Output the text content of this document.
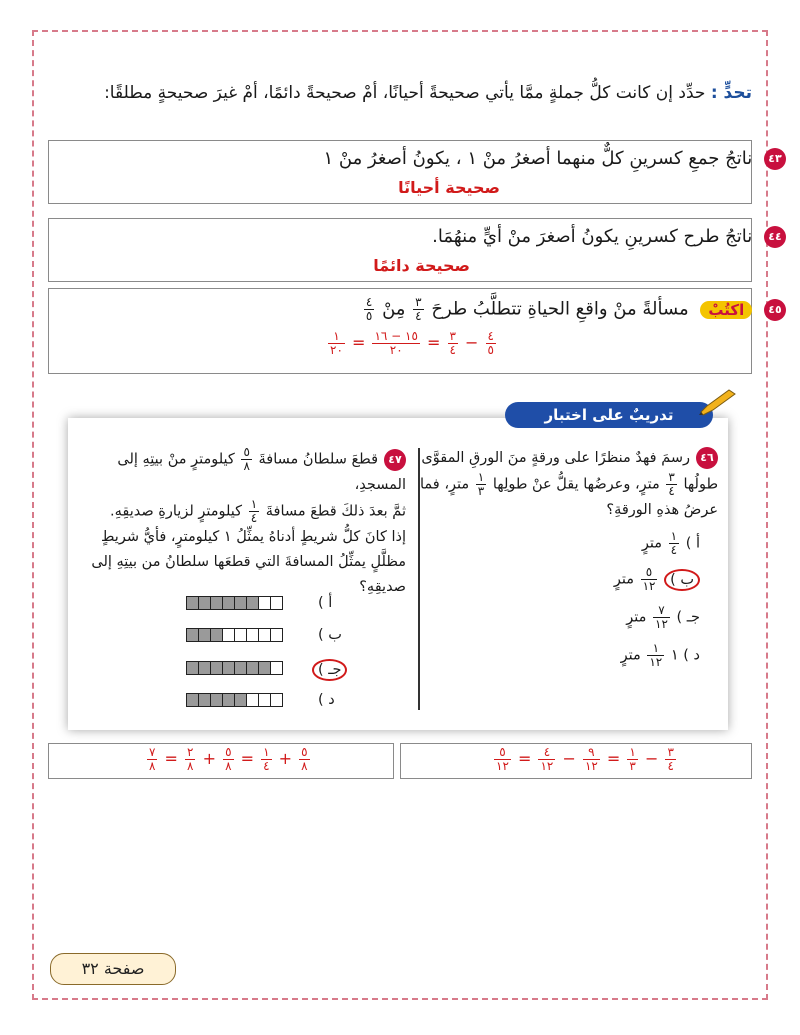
تحدٍّ : حدِّد إن كانت كلُّ جملةٍ ممَّا يأتي صحيحةً أحيانًا، أمْ صحيحةً دائمًا، أمْ غيرَ صحيحةٍ مطلقًا:
٤٣ ناتجُ جمعِ كسرينِ كلٌّ منهما أصغرُ منْ ١ ، يكونُ أصغرُ منْ ١
صحيحة أحيانًا
٤٤ ناتجُ طرح كسرينِ يكونُ أصغرَ منْ أيٍّ منهُمَا.
صحيحة دائمًا
٤٥ اكتُبْ مسألةً منْ واقعِ الحياةِ تتطلَّبُ طرحَ
٣
٤
مِنْ
٤
٥
١
٢٠ = ١٥ − ١٦
٢٠	= ٣
٤ − ٤
٥
تدريبٌ على اختبار
٤٦رسمَ فهدٌ منظرًا على ورقةٍ منَ الورقِ المقوَّى
طولُها
٣
٤
مترٍ، وعرضُها يقلُّ عنْ طولِها
١
٣
مترٍ، فما
عرضُ هذهِ الورقةِ؟
أ )
١
٤
مترٍ
ب )
٥
١٢
مترٍ
جـ )
٧
١٢
مترٍ
د ) ١
١
١٢
مترٍ
٤٧قطعَ سلطانُ مسافةَ
٥
٨
كيلومترٍ منْ بيتِهِ إلى المسجدِ،
ثمَّ بعدَ ذلكَ قطعَ مسافةَ
١
٤
كيلومترٍ لزيارةِ صديقِهِ.
إذا كانَ كلُّ شريطٍ أدناهُ يمثِّلُ ١ كيلومترٍ، فأيُّ شريطٍ
مظلَّلٍ يمثِّلُ المسافةَ التي قطعَها سلطانُ من بيتِهِ إلى
صديقِهِ؟
أ )
ب )
جـ )
د )
٧
٨ = ٢
٨ + ٥
٨ = ١
٤ + ٥
٨
٥
١٢ = ٤
١٢ − ٩
١٢ = ١
٣ − ٣
٤
صفحة ٣٢
